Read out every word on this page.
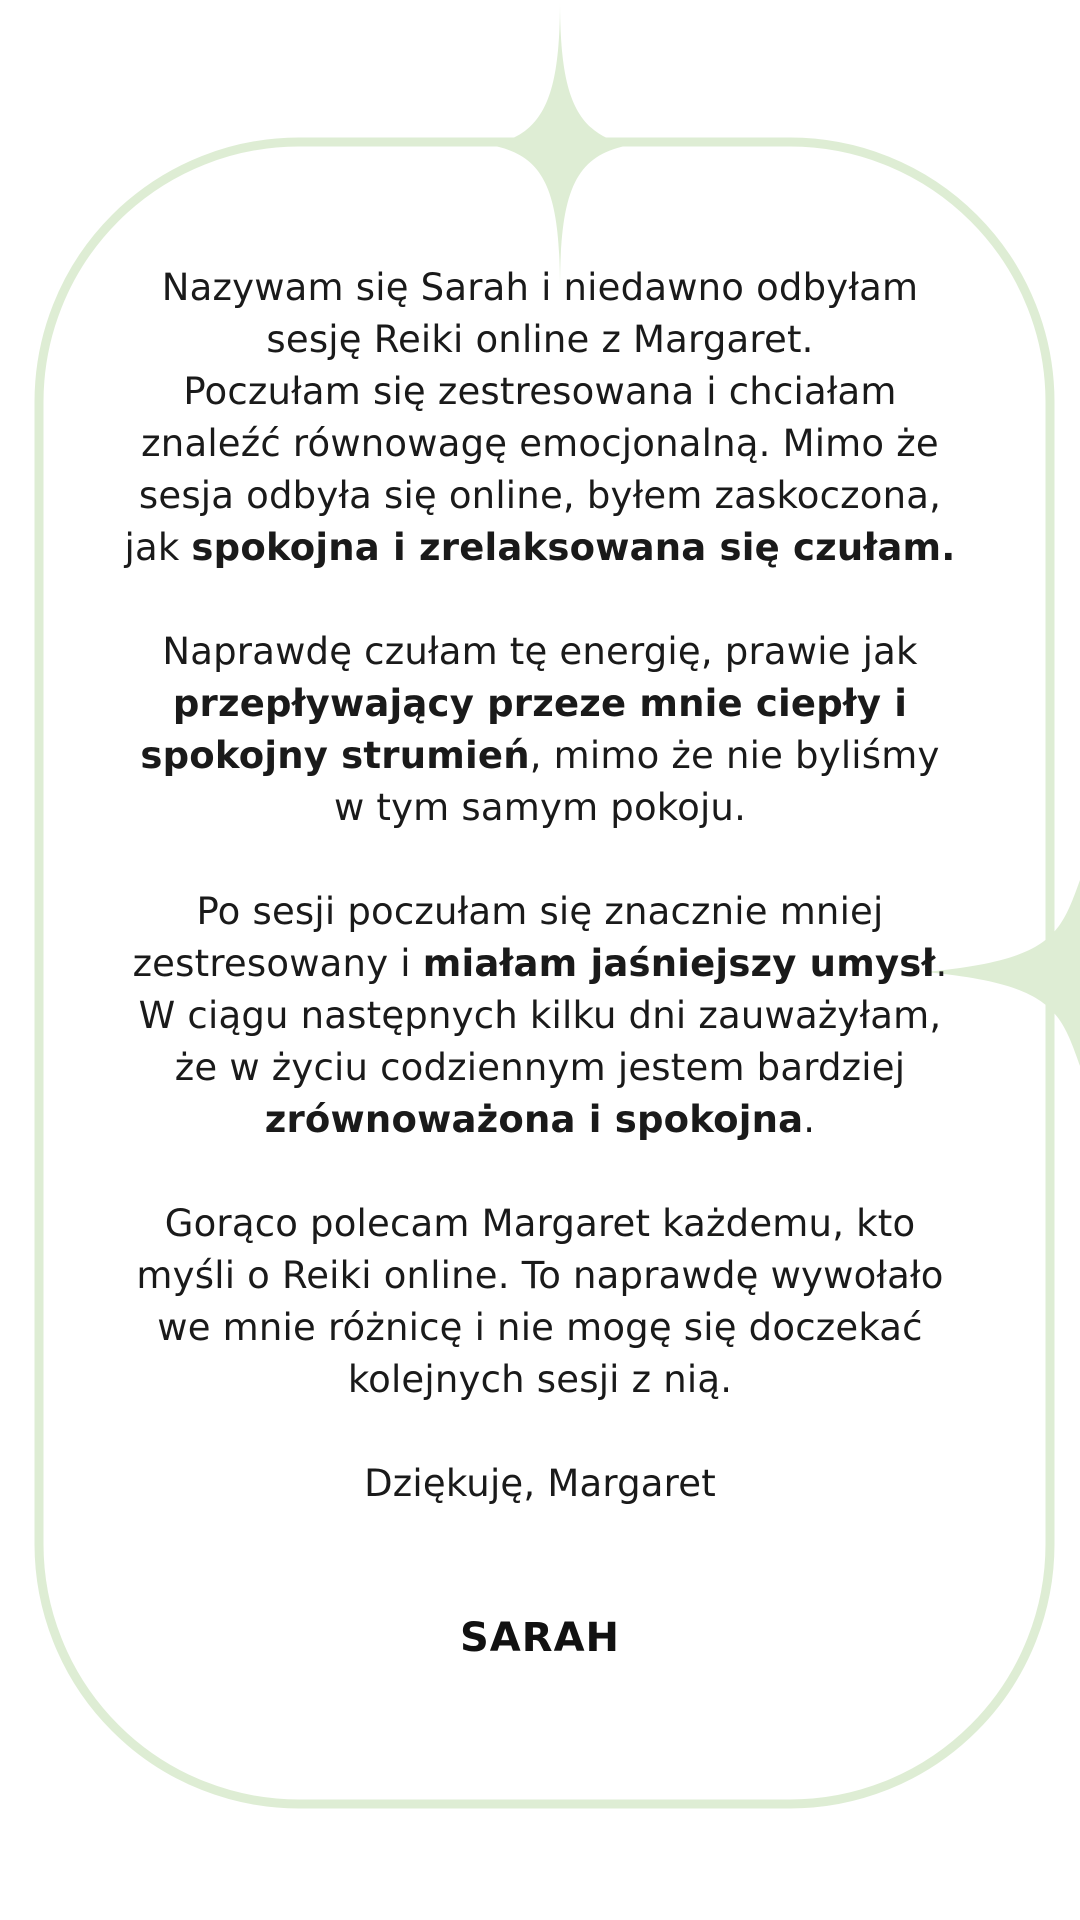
Nazywam się Sarah i niedawno odbyłam
sesję Reiki online z Margaret.
Poczułam się zestresowana i chciałam
znaleźć równowagę emocjonalną. Mimo że
sesja odbyła się online, byłem zaskoczona,
jak spokojna i zrelaksowana się czułam.

Naprawdę czułam tę energię, prawie jak
przepływający przeze mnie ciepły i
spokojny strumień, mimo że nie byliśmy
w tym samym pokoju.

Po sesji poczułam się znacznie mniej
zestresowany i miałam jaśniejszy umysł.
W ciągu następnych kilku dni zauważyłam,
że w życiu codziennym jestem bardziej
zrównoważona i spokojna.

Gorąco polecam Margaret każdemu, kto
myśli o Reiki online. To naprawdę wywołało
we mnie różnicę i nie mogę się doczekać
kolejnych sesji z nią.

Dziękuję, Margaret

SARAH
